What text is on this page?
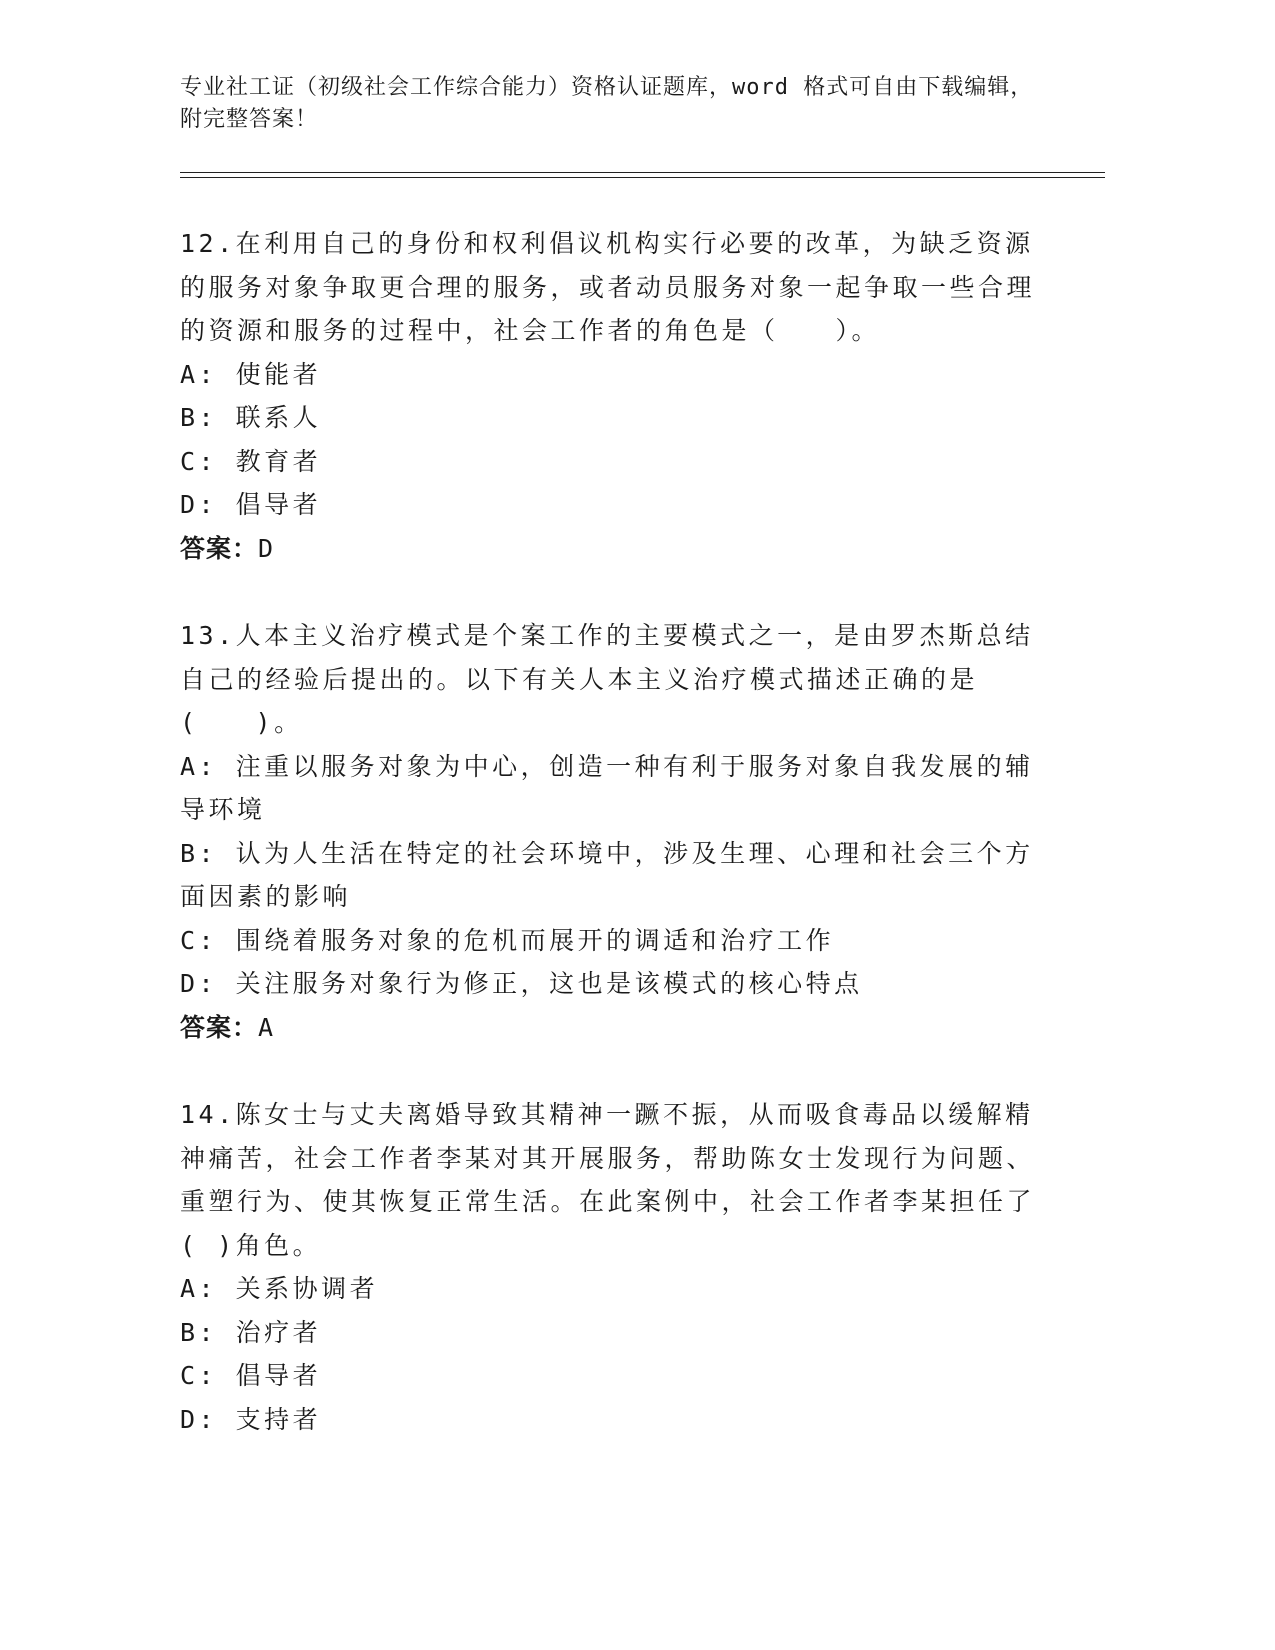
专业社工证（初级社会工作综合能力）资格认证题库，word 格式可自由下载编辑，附完整答案！
12.在利用自己的身份和权利倡议机构实行必要的改革，为缺乏资源的服务对象争取更合理的服务，或者动员服务对象一起争取一些合理的资源和服务的过程中，社会工作者的角色是（　　）。
A: 使能者
B: 联系人
C: 教育者
D: 倡导者
答案：D
13.人本主义治疗模式是个案工作的主要模式之一，是由罗杰斯总结自己的经验后提出的。以下有关人本主义治疗模式描述正确的是(　　)。
A: 注重以服务对象为中心，创造一种有利于服务对象自我发展的辅导环境
B: 认为人生活在特定的社会环境中，涉及生理、心理和社会三个方面因素的影响
C: 围绕着服务对象的危机而展开的调适和治疗工作
D: 关注服务对象行为修正，这也是该模式的核心特点
答案：A
14.陈女士与丈夫离婚导致其精神一蹶不振，从而吸食毒品以缓解精神痛苦，社会工作者李某对其开展服务，帮助陈女士发现行为问题、重塑行为、使其恢复正常生活。在此案例中，社会工作者李某担任了( )角色。
A: 关系协调者
B: 治疗者
C: 倡导者
D: 支持者
